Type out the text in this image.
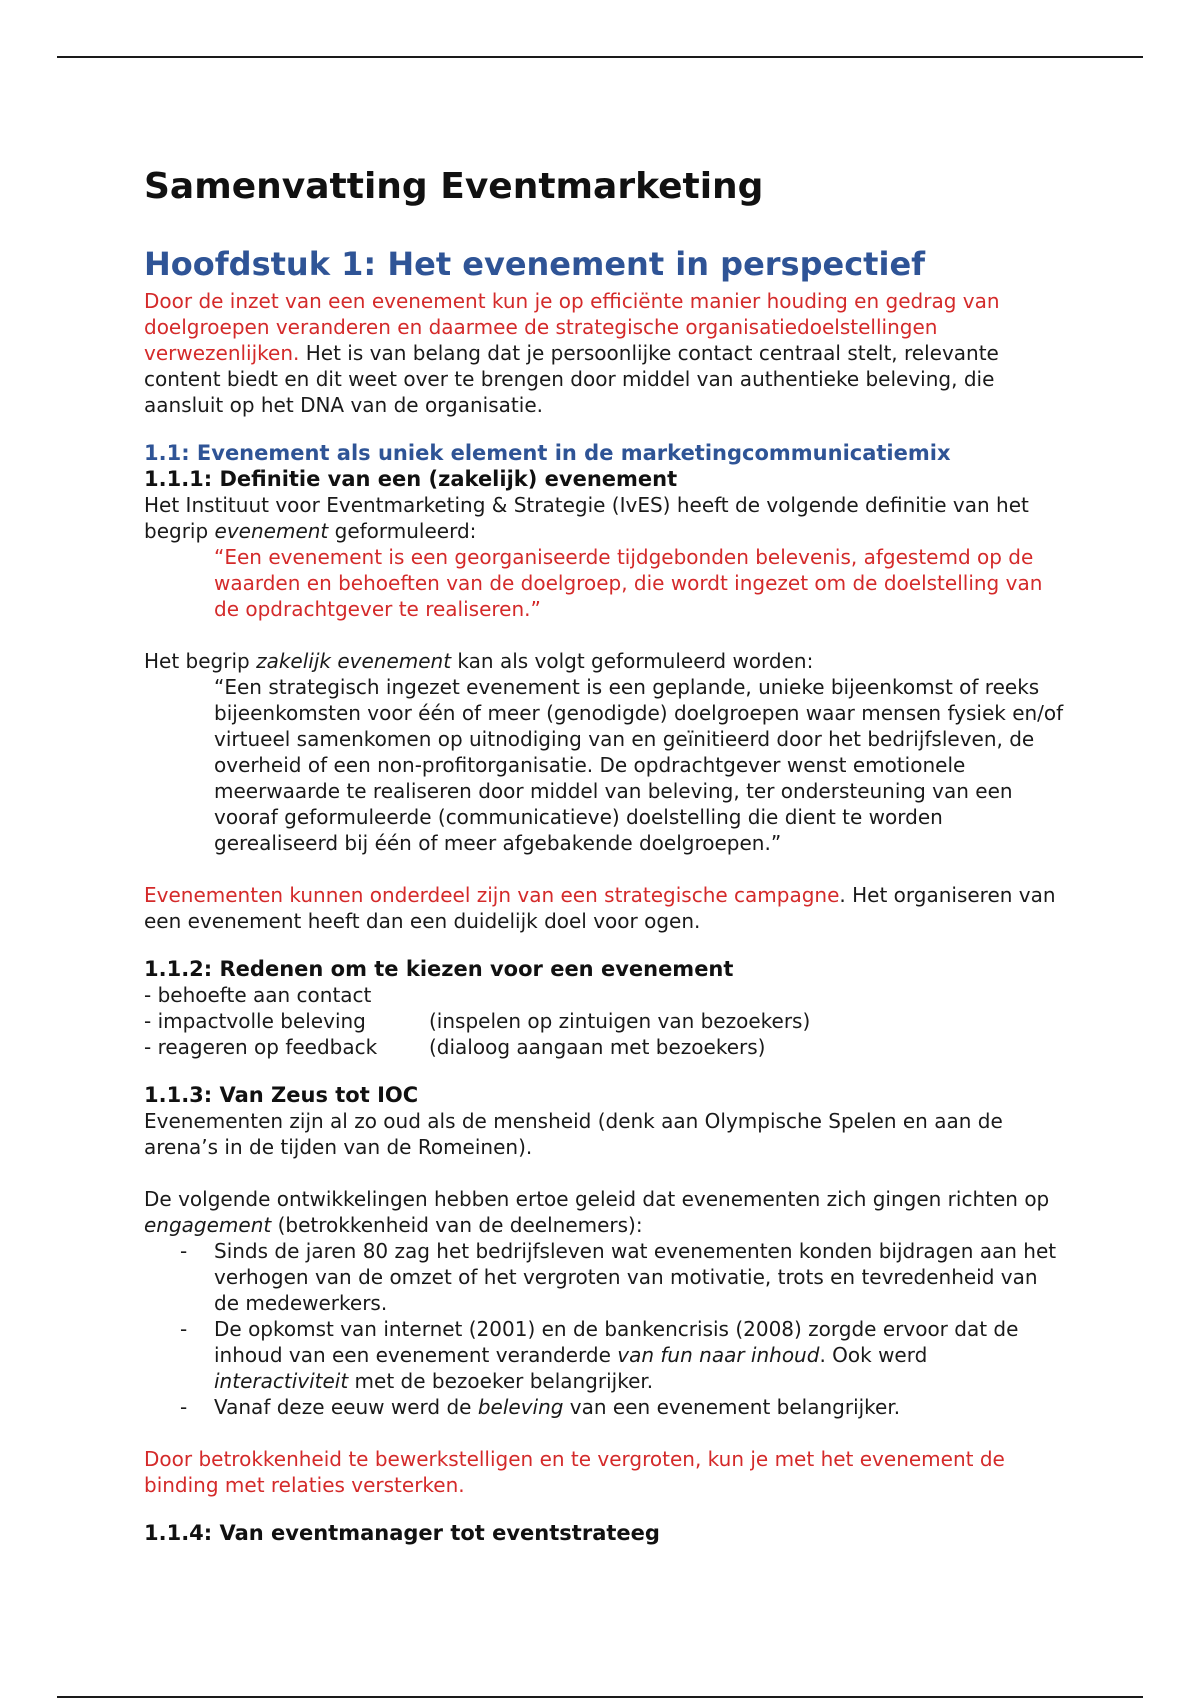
Samenvatting Eventmarketing
Hoofdstuk 1: Het evenement in perspectief

Door de inzet van een evenement kun je op efficiënte manier houding en gedrag van doelgroepen veranderen en daarmee de strategische organisatiedoelstellingen verwezenlijken. Het is van belang dat je persoonlijke contact centraal stelt, relevante content biedt en dit weet over te brengen door middel van authentieke beleving, die aansluit op het DNA van de organisatie.

1.1: Evenement als uniek element in de marketingcommunicatiemix
1.1.1: Definitie van een (zakelijk) evenement

Het Instituut voor Eventmarketing & Strategie (IvES) heeft de volgende definitie van het begrip evenement geformuleerd:

“Een evenement is een georganiseerde tijdgebonden belevenis, afgestemd op de waarden en behoeften van de doelgroep, die wordt ingezet om de doelstelling van de opdrachtgever te realiseren.”

Het begrip zakelijk evenement kan als volgt geformuleerd worden:

“Een strategisch ingezet evenement is een geplande, unieke bijeenkomst of reeks bijeenkomsten voor één of meer (genodigde) doelgroepen waar mensen fysiek en/of virtueel samenkomen op uitnodiging van en geïnitieerd door het bedrijfsleven, de overheid of een non-profitorganisatie. De opdrachtgever wenst emotionele meerwaarde te realiseren door middel van beleving, ter ondersteuning van een vooraf geformuleerde (communicatieve) doelstelling die dient te worden gerealiseerd bij één of meer afgebakende doelgroepen.”

Evenementen kunnen onderdeel zijn van een strategische campagne. Het organiseren van een evenement heeft dan een duidelijk doel voor ogen.

1.1.2: Redenen om te kiezen voor een evenement
- behoefte aan contact
- impactvolle beleving	(inspelen op zintuigen van bezoekers)
- reageren op feedback	(dialoog aangaan met bezoekers)
1.1.3: Van Zeus tot IOC

Evenementen zijn al zo oud als de mensheid (denk aan Olympische Spelen en aan de arena’s in de tijden van de Romeinen).

De volgende ontwikkelingen hebben ertoe geleid dat evenementen zich gingen richten op engagement (betrokkenheid van de deelnemers):

- Sinds de jaren 80 zag het bedrijfsleven wat evenementen konden bijdragen aan het verhogen van de omzet of het vergroten van motivatie, trots en tevredenheid van de medewerkers.
- De opkomst van internet (2001) en de bankencrisis (2008) zorgde ervoor dat de inhoud van een evenement veranderde van fun naar inhoud. Ook werd interactiviteit met de bezoeker belangrijker.
- Vanaf deze eeuw werd de beleving van een evenement belangrijker.

Door betrokkenheid te bewerkstelligen en te vergroten, kun je met het evenement de binding met relaties versterken.

1.1.4: Van eventmanager tot eventstrateeg
